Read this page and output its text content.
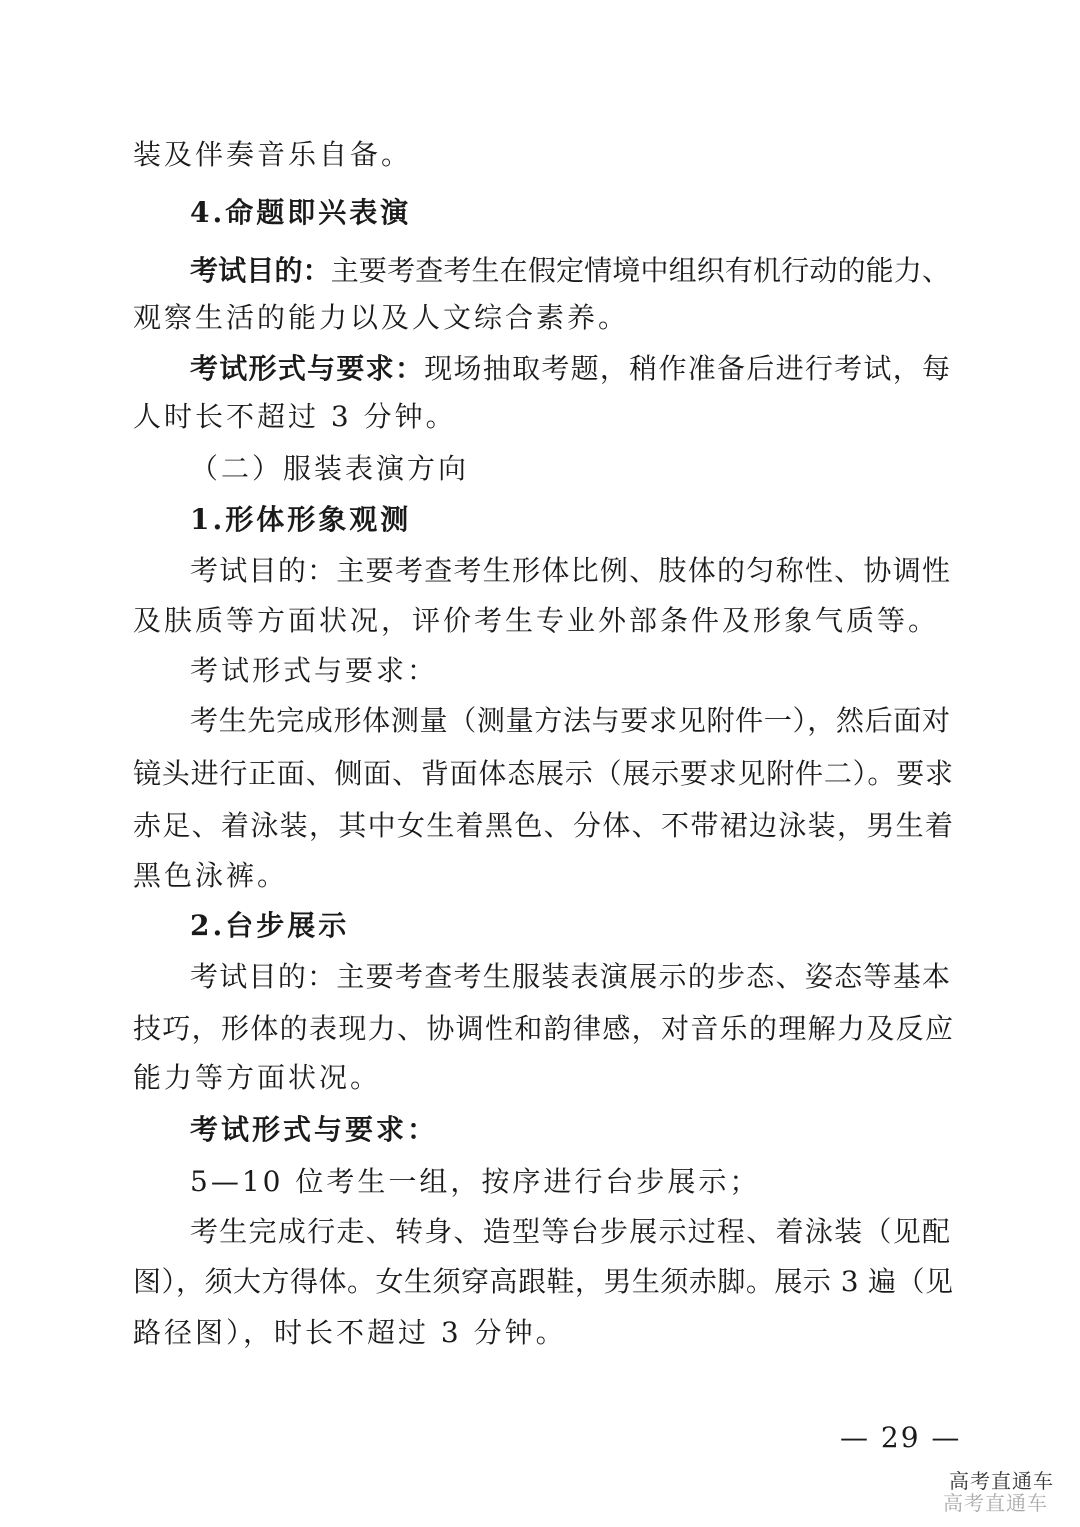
装及伴奏音乐自备。
4.命题即兴表演
考试目的：主要考查考生在假定情境中组织有机行动的能力、
观察生活的能力以及人文综合素养。
考试形式与要求：现场抽取考题，稍作准备后进行考试，每
人时长不超过 3 分钟。
（二）服装表演方向
1.形体形象观测
考试目的：主要考查考生形体比例、肢体的匀称性、协调性
及肤质等方面状况，评价考生专业外部条件及形象气质等。
考试形式与要求：
考生先完成形体测量（测量方法与要求见附件一），然后面对
镜头进行正面、侧面、背面体态展示（展示要求见附件二）。要求
赤足、着泳装，其中女生着黑色、分体、不带裙边泳装，男生着
黑色泳裤。
2.台步展示
考试目的：主要考查考生服装表演展示的步态、姿态等基本
技巧，形体的表现力、协调性和韵律感，对音乐的理解力及反应
能力等方面状况。
考试形式与要求：
5—10 位考生一组，按序进行台步展示；
考生完成行走、转身、造型等台步展示过程、着泳装（见配
图），须大方得体。女生须穿高跟鞋，男生须赤脚。展示 3 遍（见
路径图），时长不超过 3 分钟。
— 29 —
高考直通车
高考直通车
